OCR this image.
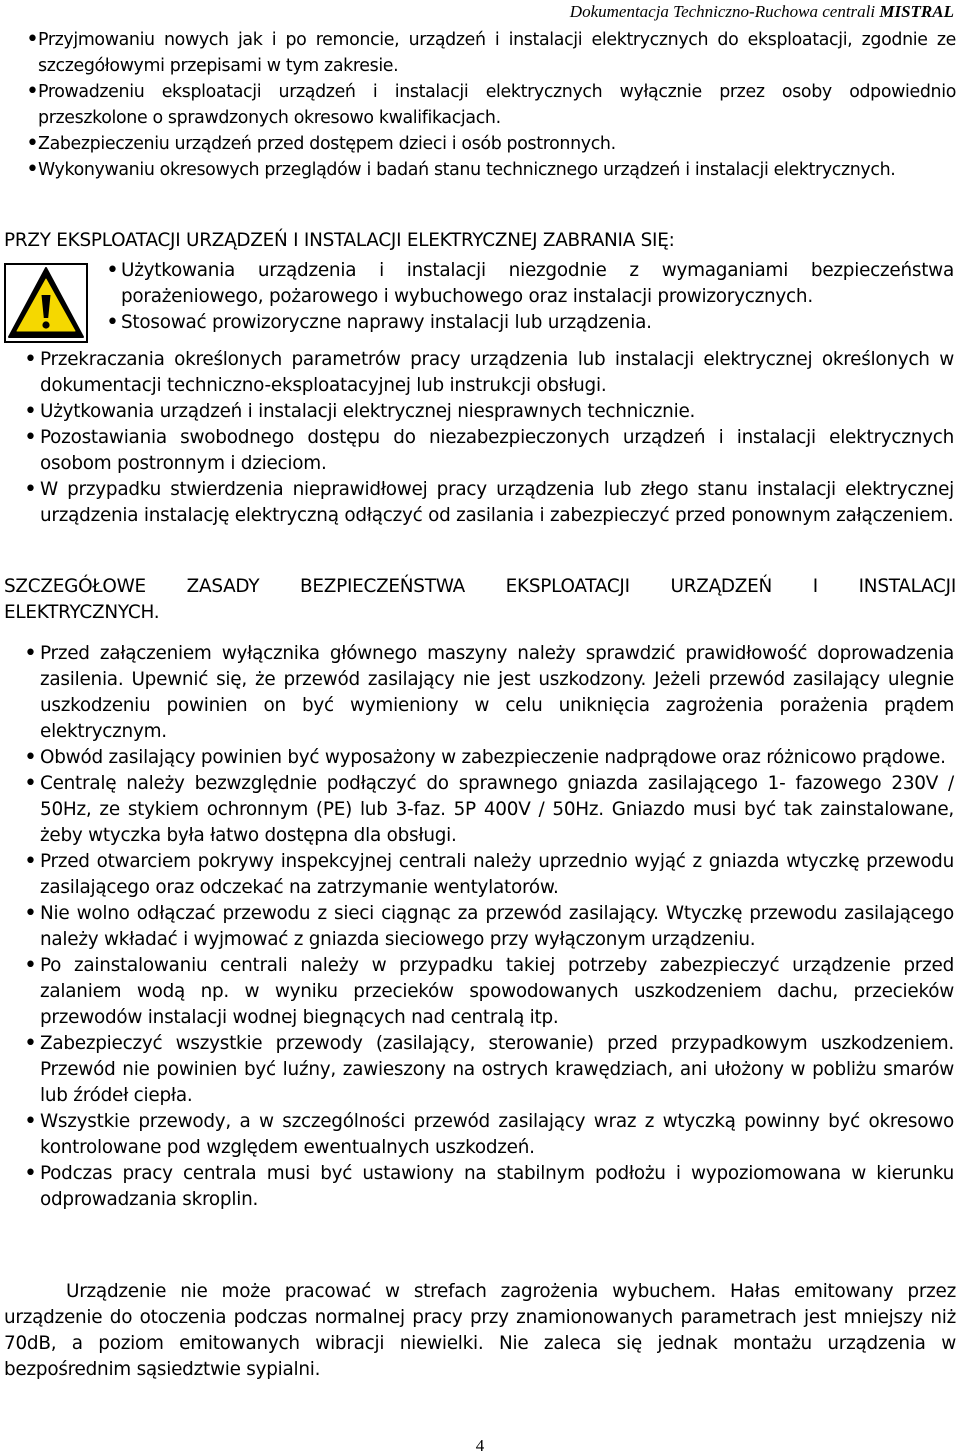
Dokumentacja Techniczno-Ruchowa centrali MISTRAL
• Przyjmowaniu nowych jak i po remoncie, urządzeń i instalacji elektrycznych do eksploatacji, zgodnie ze szczegółowymi przepisami w tym zakresie.
• Prowadzeniu eksploatacji urządzeń i instalacji elektrycznych wyłącznie przez osoby odpowiednio przeszkolone o sprawdzonych okresowo kwalifikacjach.
• Zabezpieczeniu urządzeń przed dostępem dzieci i osób postronnych.
• Wykonywaniu okresowych przeglądów i badań stanu technicznego urządzeń i instalacji elektrycznych.
PRZY EKSPLOATACJI URZĄDZEŃ I INSTALACJI ELEKTRYCZNEJ ZABRANIA SIĘ:
• Użytkowania urządzenia i instalacji niezgodnie z wymaganiami bezpieczeństwa porażeniowego, pożarowego i wybuchowego oraz instalacji prowizorycznych.
• Stosować prowizoryczne naprawy instalacji lub urządzenia.
• Przekraczania określonych parametrów pracy urządzenia lub instalacji elektrycznej określonych w dokumentacji techniczno-eksploatacyjnej lub instrukcji obsługi.
• Użytkowania urządzeń i instalacji elektrycznej niesprawnych technicznie.
• Pozostawiania swobodnego dostępu do niezabezpieczonych urządzeń i instalacji elektrycznych osobom postronnym i dzieciom.
• W przypadku stwierdzenia nieprawidłowej pracy urządzenia lub złego stanu instalacji elektrycznej urządzenia instalację elektryczną odłączyć od zasilania i zabezpieczyć przed ponownym załączeniem.
SZCZEGÓŁOWE ZASADY BEZPIECZEŃSTWA EKSPLOATACJI URZĄDZEŃ I INSTALACJI
ELEKTRYCZNYCH.
• Przed załączeniem wyłącznika głównego maszyny należy sprawdzić prawidłowość doprowadzenia zasilenia. Upewnić się, że przewód zasilający nie jest uszkodzony. Jeżeli przewód zasilający ulegnie uszkodzeniu powinien on być wymieniony w celu uniknięcia zagrożenia porażenia prądem elektrycznym.
• Obwód zasilający powinien być wyposażony w zabezpieczenie nadprądowe oraz różnicowo prądowe.
• Centralę należy bezwzględnie podłączyć do sprawnego gniazda zasilającego 1- fazowego 230V / 50Hz, ze stykiem ochronnym (PE) lub 3-faz. 5P 400V / 50Hz. Gniazdo musi być tak zainstalowane, żeby wtyczka była łatwo dostępna dla obsługi.
• Przed otwarciem pokrywy inspekcyjnej centrali należy uprzednio wyjąć z gniazda wtyczkę przewodu zasilającego oraz odczekać na zatrzymanie wentylatorów.
• Nie wolno odłączać przewodu z sieci ciągnąc za przewód zasilający. Wtyczkę przewodu zasilającego należy wkładać i wyjmować z gniazda sieciowego przy wyłączonym urządzeniu.
• Po zainstalowaniu centrali należy w przypadku takiej potrzeby zabezpieczyć urządzenie przed zalaniem wodą np. w wyniku przecieków spowodowanych uszkodzeniem dachu, przecieków przewodów instalacji wodnej biegnących nad centralą itp.
• Zabezpieczyć wszystkie przewody (zasilający, sterowanie) przed przypadkowym uszkodzeniem. Przewód nie powinien być luźny, zawieszony na ostrych krawędziach, ani ułożony w pobliżu smarów lub źródeł ciepła.
• Wszystkie przewody, a w szczególności przewód zasilający wraz z wtyczką powinny być okresowo kontrolowane pod względem ewentualnych uszkodzeń.
• Podczas pracy centrala musi być ustawiony na stabilnym podłożu i wypoziomowana w kierunku odprowadzania skroplin.

Urządzenie nie może pracować w strefach zagrożenia wybuchem. Hałas emitowany przez urządzenie do otoczenia podczas normalnej pracy przy znamionowanych parametrach jest mniejszy niż 70dB, a poziom emitowanych wibracji niewielki. Nie zaleca się jednak montażu urządzenia w bezpośrednim sąsiedztwie sypialni.

4
